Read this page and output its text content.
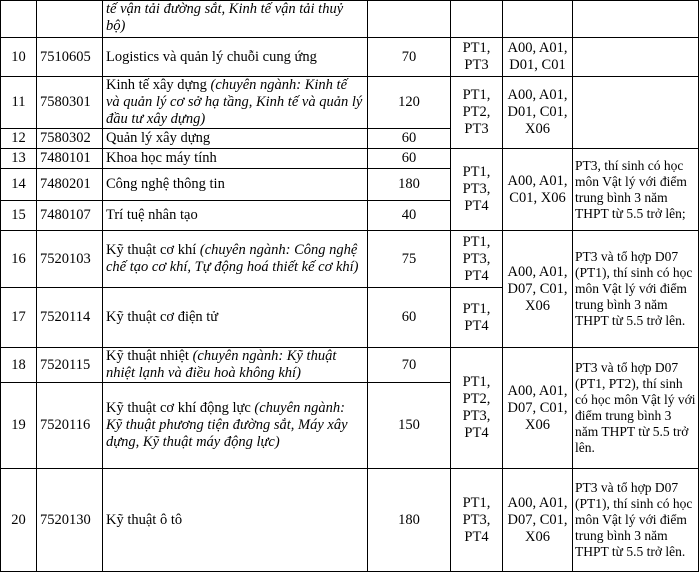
		tế vận tải đường sắt, Kinh tế vận tải thuỷ bộ)				
10	7510605	Logistics và quản lý chuỗi cung ứng	70	PT1, PT3	A00, A01, D01, C01	
11	7580301	Kinh tế xây dựng (chuyên ngành: Kinh tế và quản lý cơ sở hạ tầng, Kinh tế và quản lý đầu tư xây dựng)	120	PT1, PT2, PT3	A00, A01, D01, C01, X06	
12	7580302	Quản lý xây dựng	60			
13	7480101	Khoa học máy tính	60	PT1, PT3, PT4	A00, A01, C01, X06	PT3, thí sinh có học môn Vật lý với điểm trung bình 3 năm THPT từ 5.5 trở lên;
14	7480201	Công nghệ thông tin	180			
15	7480107	Trí tuệ nhân tạo	40			
16	7520103	Kỹ thuật cơ khí (chuyên ngành: Công nghệ chế tạo cơ khí, Tự động hoá thiết kế cơ khí)	75	PT1, PT3, PT4	A00, A01, D07, C01, X06	PT3 và tổ hợp D07 (PT1), thí sinh có học môn Vật lý với điểm trung bình 3 năm THPT từ 5.5 trở lên.
17	7520114	Kỹ thuật cơ điện tử	60	PT1, PT4		
18	7520115	Kỹ thuật nhiệt (chuyên ngành: Kỹ thuật nhiệt lạnh và điều hoà không khí)	70	PT1, PT2, PT3, PT4	A00, A01, D07, C01, X06	PT3 và tổ hợp D07 (PT1, PT2), thí sinh có học môn Vật lý với điểm trung bình 3 năm THPT từ 5.5 trở lên.
19	7520116	Kỹ thuật cơ khí động lực (chuyên ngành: Kỹ thuật phương tiện đường sắt, Máy xây dựng, Kỹ thuật máy động lực)	150			
20	7520130	Kỹ thuật ô tô	180	PT1, PT3, PT4	A00, A01, D07, C01, X06	PT3 và tổ hợp D07 (PT1), thí sinh có học môn Vật lý với điểm trung bình 3 năm THPT từ 5.5 trở lên.
